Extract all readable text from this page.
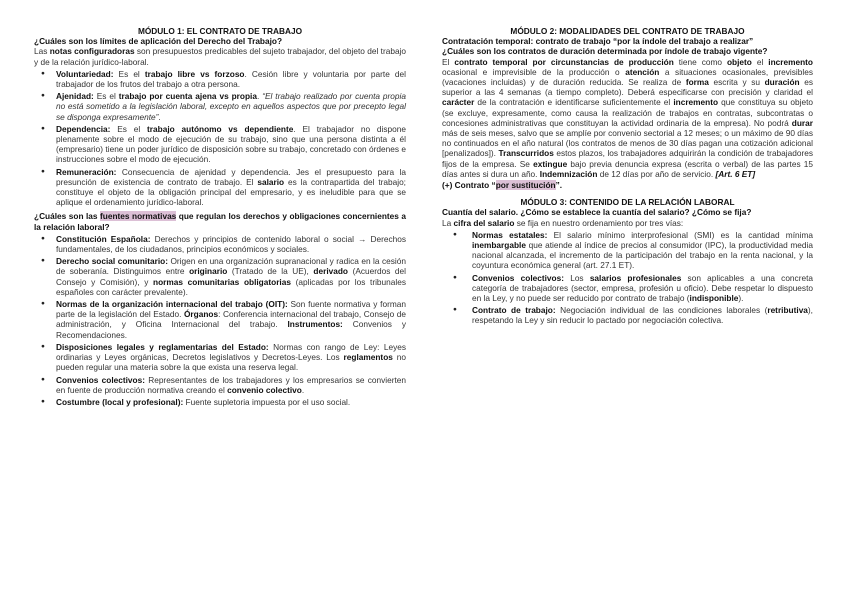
MÓDULO 1: EL CONTRATO DE TRABAJO

¿Cuáles son los límites de aplicación del Derecho del Trabajo?

Las notas configuradoras son presupuestos predicables del sujeto trabajador, del objeto del trabajo y de la relación jurídico-laboral.

● Voluntariedad: Es el trabajo libre vs forzoso. Cesión libre y voluntaria por parte del trabajador de los frutos del trabajo a otra persona.
● Ajenidad: Es el trabajo por cuenta ajena vs propia. “El trabajo realizado por cuenta propia no está sometido a la legislación laboral, excepto en aquellos aspectos que por precepto legal se disponga expresamente”.
● Dependencia: Es el trabajo autónomo vs dependiente. El trabajador no dispone plenamente sobre el modo de ejecución de su trabajo, sino que una persona distinta a él (empresario) tiene un poder jurídico de disposición sobre su trabajo, concretado con órdenes e instrucciones sobre el modo de ejecución.
● Remuneración: Consecuencia de ajenidad y dependencia. Jes el presupuesto para la presunción de existencia de contrato de trabajo. El salario es la contrapartida del trabajo; constituye el objeto de la obligación principal del empresario, y es ineludible para que se aplique el ordenamiento jurídico-laboral.

¿Cuáles son las fuentes normativas que regulan los derechos y obligaciones concernientes a la relación laboral?

● Constitución Española: Derechos y principios de contenido laboral o social → Derechos fundamentales, de los ciudadanos, principios económicos y sociales.
● Derecho social comunitario: Origen en una organización supranacional y radica en la cesión de soberanía. Distinguimos entre originario (Tratado de la UE), derivado (Acuerdos del Consejo y Comisión), y normas comunitarias obligatorias (aplicadas por los tribunales españoles con carácter prevalente).
● Normas de la organización internacional del trabajo (OIT): Son fuente normativa y forman parte de la legislación del Estado. Órganos: Conferencia internacional del trabajo, Consejo de administración, y Oficina Internacional del trabajo. Instrumentos: Convenios y Recomendaciones.
● Disposiciones legales y reglamentarias del Estado: Normas con rango de Ley: Leyes ordinarias y Leyes orgánicas, Decretos legislativos y Decretos-Leyes. Los reglamentos no pueden regular una materia sobre la que exista una reserva legal.
● Convenios colectivos: Representantes de los trabajadores y los empresarios se convierten en fuente de producción normativa creando el convenio colectivo.
● Costumbre (local y profesional): Fuente supletoria impuesta por el uso social.

MÓDULO 2: MODALIDADES DEL CONTRATO DE TRABAJO

Contratación temporal: contrato de trabajo “por la índole del trabajo a realizar”

¿Cuáles son los contratos de duración determinada por índole de trabajo vigente?

El contrato temporal por circunstancias de producción tiene como objeto el incremento ocasional e imprevisible de la producción o atención a situaciones ocasionales, previsibles (vacaciones incluidas) y de duración reducida. Se realiza de forma escrita y su duración es superior a las 4 semanas (a tiempo completo). Deberá especificarse con precisión y claridad el carácter de la contratación e identificarse suficientemente el incremento que constituya su objeto (se excluye, expresamente, como causa la realización de trabajos en contratas, subcontratas o concesiones administrativas que constituyan la actividad ordinaria de la empresa). No podrá durar más de seis meses, salvo que se amplíe por convenio sectorial a 12 meses; o un máximo de 90 días no continuados en el año natural (los contratos de menos de 30 días pagan una cotización adicional [penalizados]). Transcurridos estos plazos, los trabajadores adquirirán la condición de trabajadores fijos de la empresa. Se extingue bajo previa denuncia expresa (escrita o verbal) de las partes 15 días antes si dura un año. Indemnización de 12 días por año de servicio. [Art. 6 ET]

(+) Contrato “por sustitución”.

MÓDULO 3: CONTENIDO DE LA RELACIÓN LABORAL

Cuantía del salario. ¿Cómo se establece la cuantía del salario? ¿Cómo se fija?

La cifra del salario se fija en nuestro ordenamiento por tres vías:

● Normas estatales: El salario mínimo interprofesional (SMI) es la cantidad mínima inembargable que atiende al índice de precios al consumidor (IPC), la productividad media nacional alcanzada, el incremento de la participación del trabajo en la renta nacional, y la coyuntura económica general (art. 27.1 ET).
● Convenios colectivos: Los salarios profesionales son aplicables a una concreta categoría de trabajadores (sector, empresa, profesión u oficio). Debe respetar lo dispuesto en la Ley, y no puede ser reducido por contrato de trabajo (indisponible).
● Contrato de trabajo: Negociación individual de las condiciones laborales (retributiva), respetando la Ley y sin reducir lo pactado por negociación colectiva.
